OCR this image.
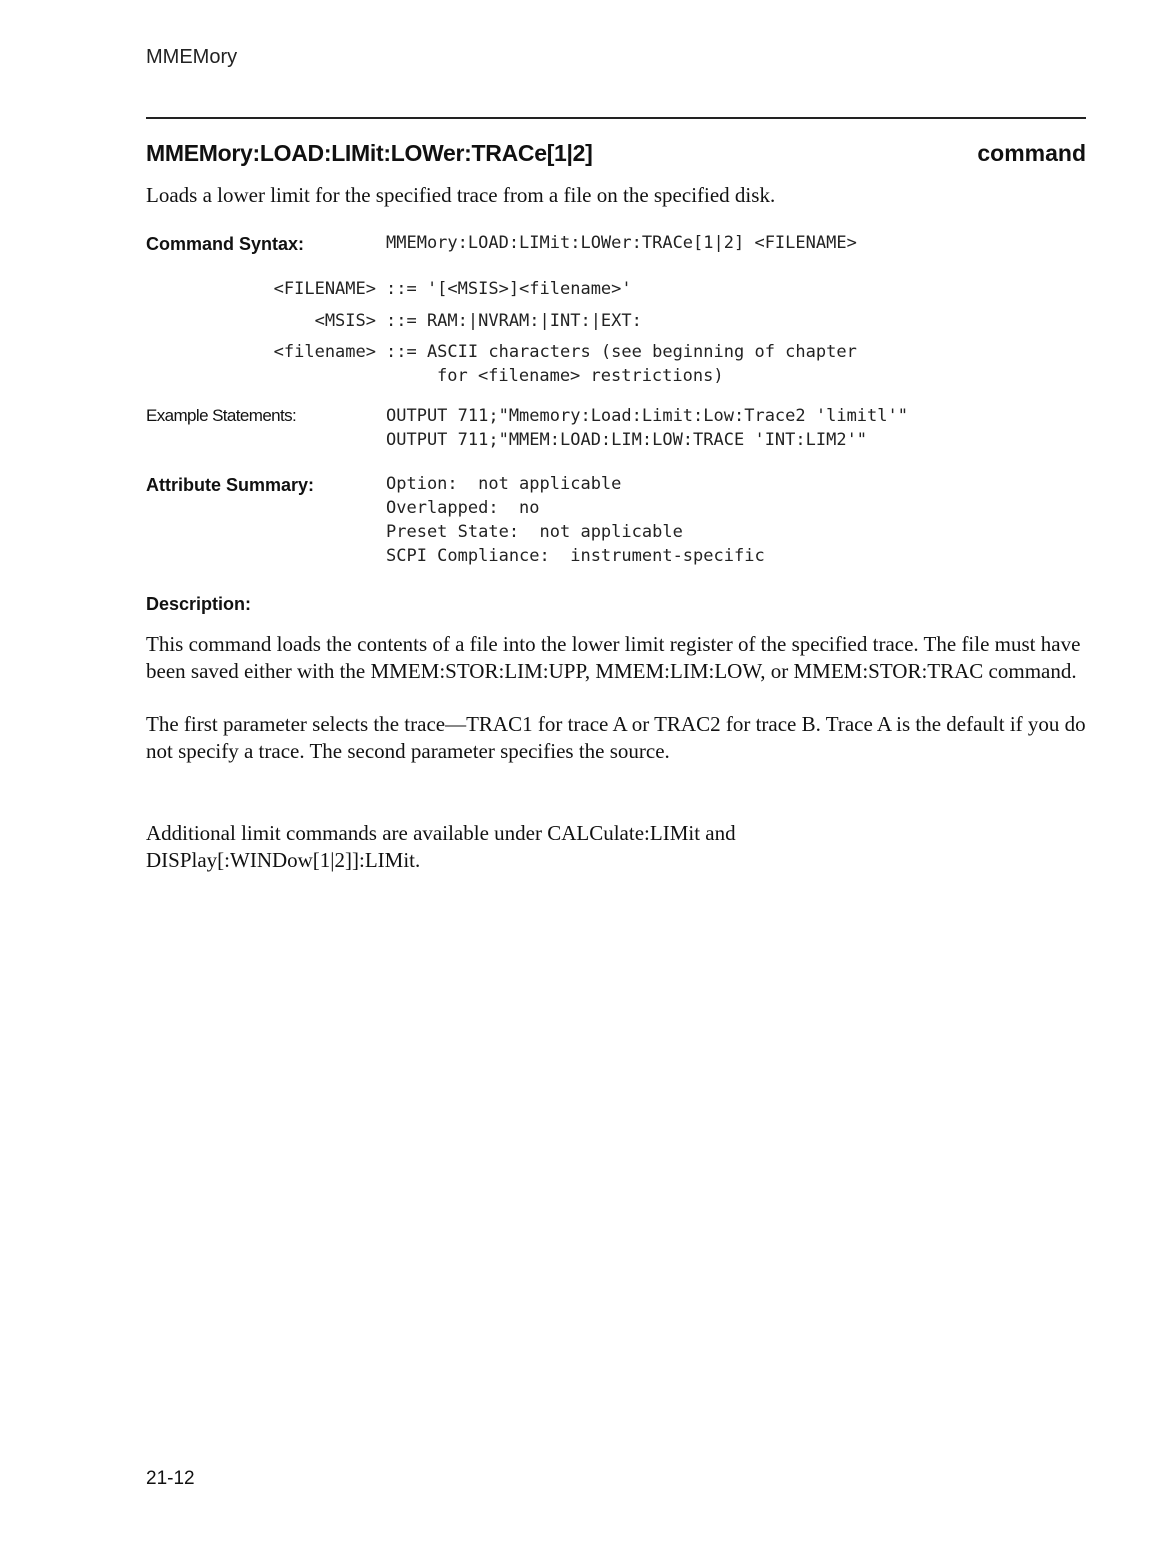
MMEMory
MMEMory:LOAD:LIMit:LOWer:TRACe[1|2]	command
Loads a lower limit for the specified trace from a file on the specified disk.
Command Syntax:	MMEMory:LOAD:LIMit:LOWer:TRACe[1|2] <FILENAME>
<FILENAME> ::= '[<MSIS>]<filename>'
<MSIS> ::= RAM:|NVRAM:|INT:|EXT:
<filename> ::= ASCII characters (see beginning of chapter
for <filename> restrictions)
Example Statements:	OUTPUT 711;"Mmemory:Load:Limit:Low:Trace2 'limitl'"
OUTPUT 711;"MMEM:LOAD:LIM:LOW:TRACE 'INT:LIM2'"
Attribute Summary:	Option:  not applicable
Overlapped:  no
Preset State:  not applicable
SCPI Compliance:  instrument-specific
Description:
This command loads the contents of a file into the lower limit register of the specified trace. The file must have been saved either with the MMEM:STOR:LIM:UPP, MMEM:LIM:LOW, or MMEM:STOR:TRAC command.
The first parameter selects the trace—TRAC1 for trace A or TRAC2 for trace B. Trace A is the default if you do not specify a trace. The second parameter specifies the source.
Additional limit commands are available under CALCulate:LIMit and DISPlay[:WINDow[1|2]]:LIMit.
21-12
